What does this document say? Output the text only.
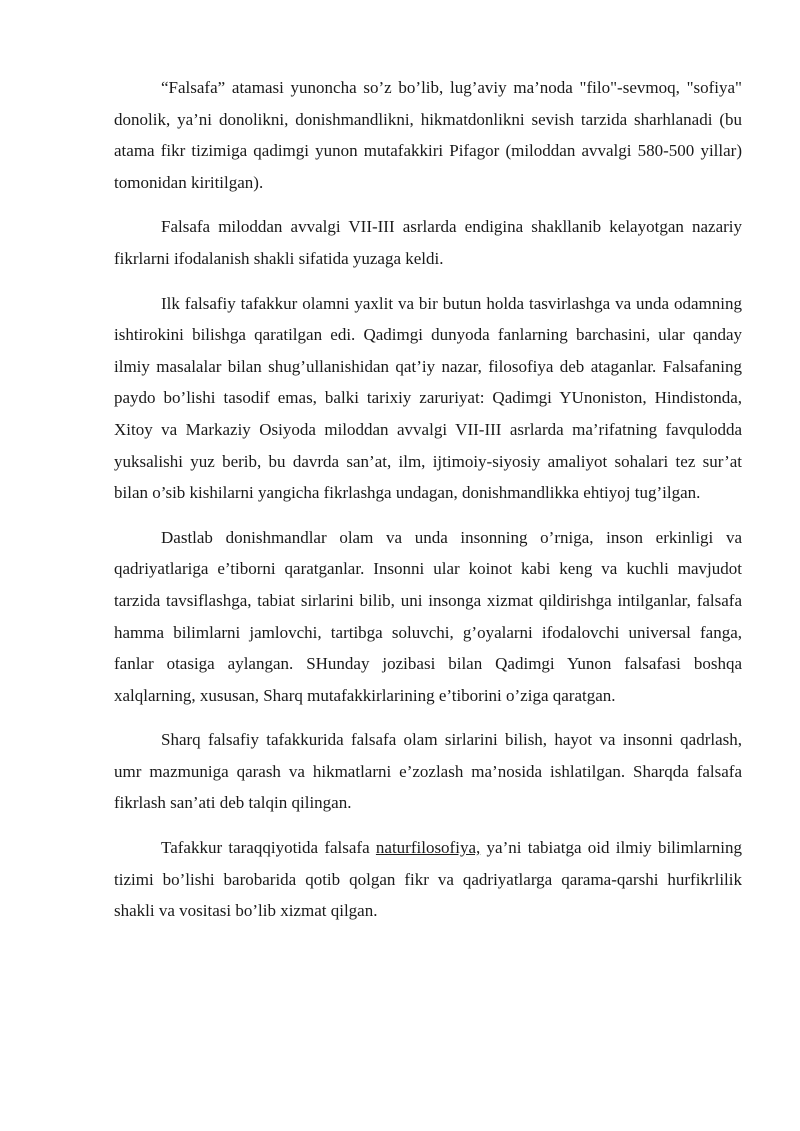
“Falsafa” atamasi yunoncha so’z bo’lib, lug’aviy ma’noda "filo"-sevmoq, "sofiya" donolik, ya’ni donolikni, donishmandlikni, hikmatdonlikni sevish tarzida sharhlanadi (bu atama fikr tizimiga qadimgi yunon mutafakkiri Pifagor (miloddan avvalgi 580-500 yillar) tomonidan kiritilgan).

Falsafa miloddan avvalgi VII-III asrlarda endigina shakllanib kelayotgan nazariy fikrlarni ifodalanish shakli sifatida yuzaga keldi.

Ilk falsafiy tafakkur olamni yaxlit va bir butun holda tasvirlashga va unda odamning ishtirokini bilishga qaratilgan edi. Qadimgi dunyoda fanlarning barchasini, ular qanday ilmiy masalalar bilan shug’ullanishidan qat’iy nazar, filosofiya deb ataganlar. Falsafaning paydo bo’lishi tasodif emas, balki tarixiy zaruriyat: Qadimgi YUnoniston, Hindistonda, Xitoy va Markaziy Osiyoda miloddan avvalgi VII-III asrlarda ma’rifatning favqulodda yuksalishi yuz berib, bu davrda san’at, ilm, ijtimoiy-siyosiy amaliyot sohalari tez sur’at bilan o’sib kishilarni yangicha fikrlashga undagan, donishmandlikka ehtiyoj tug’ilgan.

Dastlab donishmandlar olam va unda insonning o’rniga, inson erkinligi va qadriyatlariga e’tiborni qaratganlar. Insonni ular koinot kabi keng va kuchli mavjudot tarzida tavsiflashga, tabiat sirlarini bilib, uni insonga xizmat qildirishga intilganlar, falsafa hamma bilimlarni jamlovchi, tartibga soluvchi, g’oyalarni ifodalovchi universal fanga, fanlar otasiga aylangan. SHunday jozibasi bilan Qadimgi Yunon falsafasi boshqa xalqlarning, xususan, Sharq mutafakkirlarining e’tiborini o’ziga qaratgan.

Sharq falsafiy tafakkurida falsafa olam sirlarini bilish, hayot va insonni qadrlash, umr mazmuniga qarash va hikmatlarni e’zozlash ma’nosida ishlatilgan. Sharqda falsafa fikrlash san’ati deb talqin qilingan.

Tafakkur taraqqiyotida falsafa naturfilosofiya, ya’ni tabiatga oid ilmiy bilimlarning tizimi bo’lishi barobarida qotib qolgan fikr va qadriyatlarga qarama-qarshi hurfikrlilik shakli va vositasi bo’lib xizmat qilgan.
